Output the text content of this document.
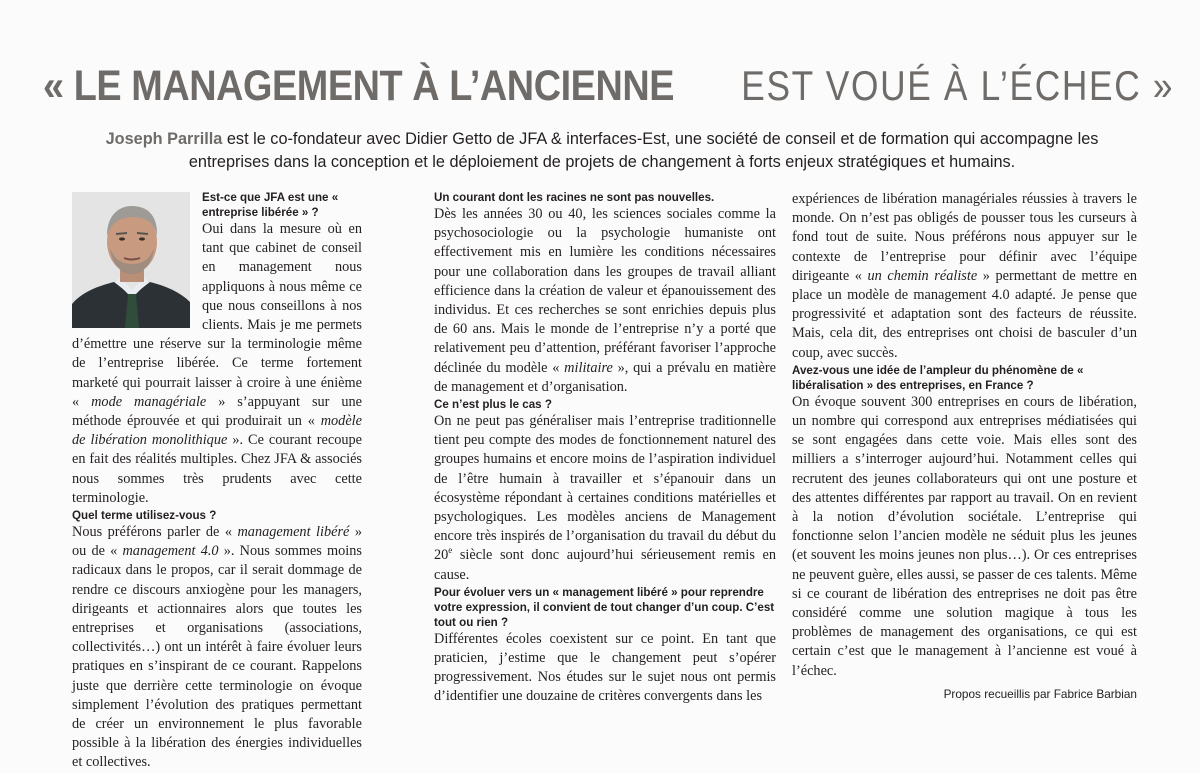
« LE MANAGEMENT À L’ANCIENNE EST VOUÉ À L’ÉCHEC »
Joseph Parrilla est le co-fondateur avec Didier Getto de JFA & interfaces-Est, une société de conseil et de formation qui accompagne les entreprises dans la conception et le déploiement de projets de changement à forts enjeux stratégiques et humains.

Est-ce que JFA est une « entreprise libérée » ?

Oui dans la mesure où en tant que cabinet de conseil en management nous appliquons à nous même ce que nous conseillons à nos clients. Mais je me permets d’émettre une réserve sur la terminologie même de l’entreprise libérée. Ce terme fortement marketé qui pourrait laisser à croire à une énième « mode managériale » s’appuyant sur une méthode éprouvée et qui produirait un « modèle de libération monolithique ». Ce courant recoupe en fait des réalités multiples. Chez JFA & associés nous sommes très prudents avec cette terminologie.

Quel terme utilisez-vous ?

Nous préférons parler de « management libéré » ou de « management 4.0 ». Nous sommes moins radicaux dans le propos, car il serait dommage de rendre ce discours anxiogène pour les managers, dirigeants et actionnaires alors que toutes les entreprises et organisations (associations, collectivités…) ont un intérêt à faire évoluer leurs pratiques en s’inspirant de ce courant. Rappelons juste que derrière cette terminologie on évoque simplement l’évolution des pratiques permettant de créer un environnement le plus favorable possible à la libération des énergies individuelles et collectives.

Un courant dont les racines ne sont pas nouvelles.

Dès les années 30 ou 40, les sciences sociales comme la psychosociologie ou la psychologie humaniste ont effectivement mis en lumière les conditions nécessaires pour une collaboration dans les groupes de travail alliant efficience dans la création de valeur et épanouissement des individus. Et ces recherches se sont enrichies depuis plus de 60 ans. Mais le monde de l’entreprise n’y a porté que relativement peu d’attention, préférant favoriser l’approche déclinée du modèle « militaire », qui a prévalu en matière de management et d’organisation.

Ce n’est plus le cas ?

On ne peut pas généraliser mais l’entreprise traditionnelle tient peu compte des modes de fonctionnement naturel des groupes humains et encore moins de l’aspiration individuel de l’être humain à travailler et s’épanouir dans un écosystème répondant à certaines conditions matérielles et psychologiques. Les modèles anciens de Management encore très inspirés de l’organisation du travail du début du 20e siècle sont donc aujourd’hui sérieusement remis en cause.

Pour évoluer vers un « management libéré » pour reprendre votre expression, il convient de tout changer d’un coup. C’est tout ou rien ?

Différentes écoles coexistent sur ce point. En tant que praticien, j’estime que le changement peut s’opérer progressivement. Nos études sur le sujet nous ont permis d’identifier une douzaine de critères convergents dans les

expériences de libération managériales réussies à travers le monde. On n’est pas obligés de pousser tous les curseurs à fond tout de suite. Nous préférons nous appuyer sur le contexte de l’entreprise pour définir avec l’équipe dirigeante « un chemin réaliste » permettant de mettre en place un modèle de management 4.0 adapté. Je pense que progressivité et adaptation sont des facteurs de réussite. Mais, cela dit, des entreprises ont choisi de basculer d’un coup, avec succès.

Avez-vous une idée de l’ampleur du phénomène de « libéralisation » des entreprises, en France ?

On évoque souvent 300 entreprises en cours de libération, un nombre qui correspond aux entreprises médiatisées qui se sont engagées dans cette voie. Mais elles sont des milliers a s’interroger aujourd’hui. Notamment celles qui recrutent des jeunes collaborateurs qui ont une posture et des attentes différentes par rapport au travail. On en revient à la notion d’évolution sociétale. L’entreprise qui fonctionne selon l’ancien modèle ne séduit plus les jeunes (et souvent les moins jeunes non plus…). Or ces entreprises ne peuvent guère, elles aussi, se passer de ces talents. Même si ce courant de libération des entreprises ne doit pas être considéré comme une solution magique à tous les problèmes de management des organisations, ce qui est certain c’est que le management à l’ancienne est voué à l’échec.

Propos recueillis par Fabrice Barbian
